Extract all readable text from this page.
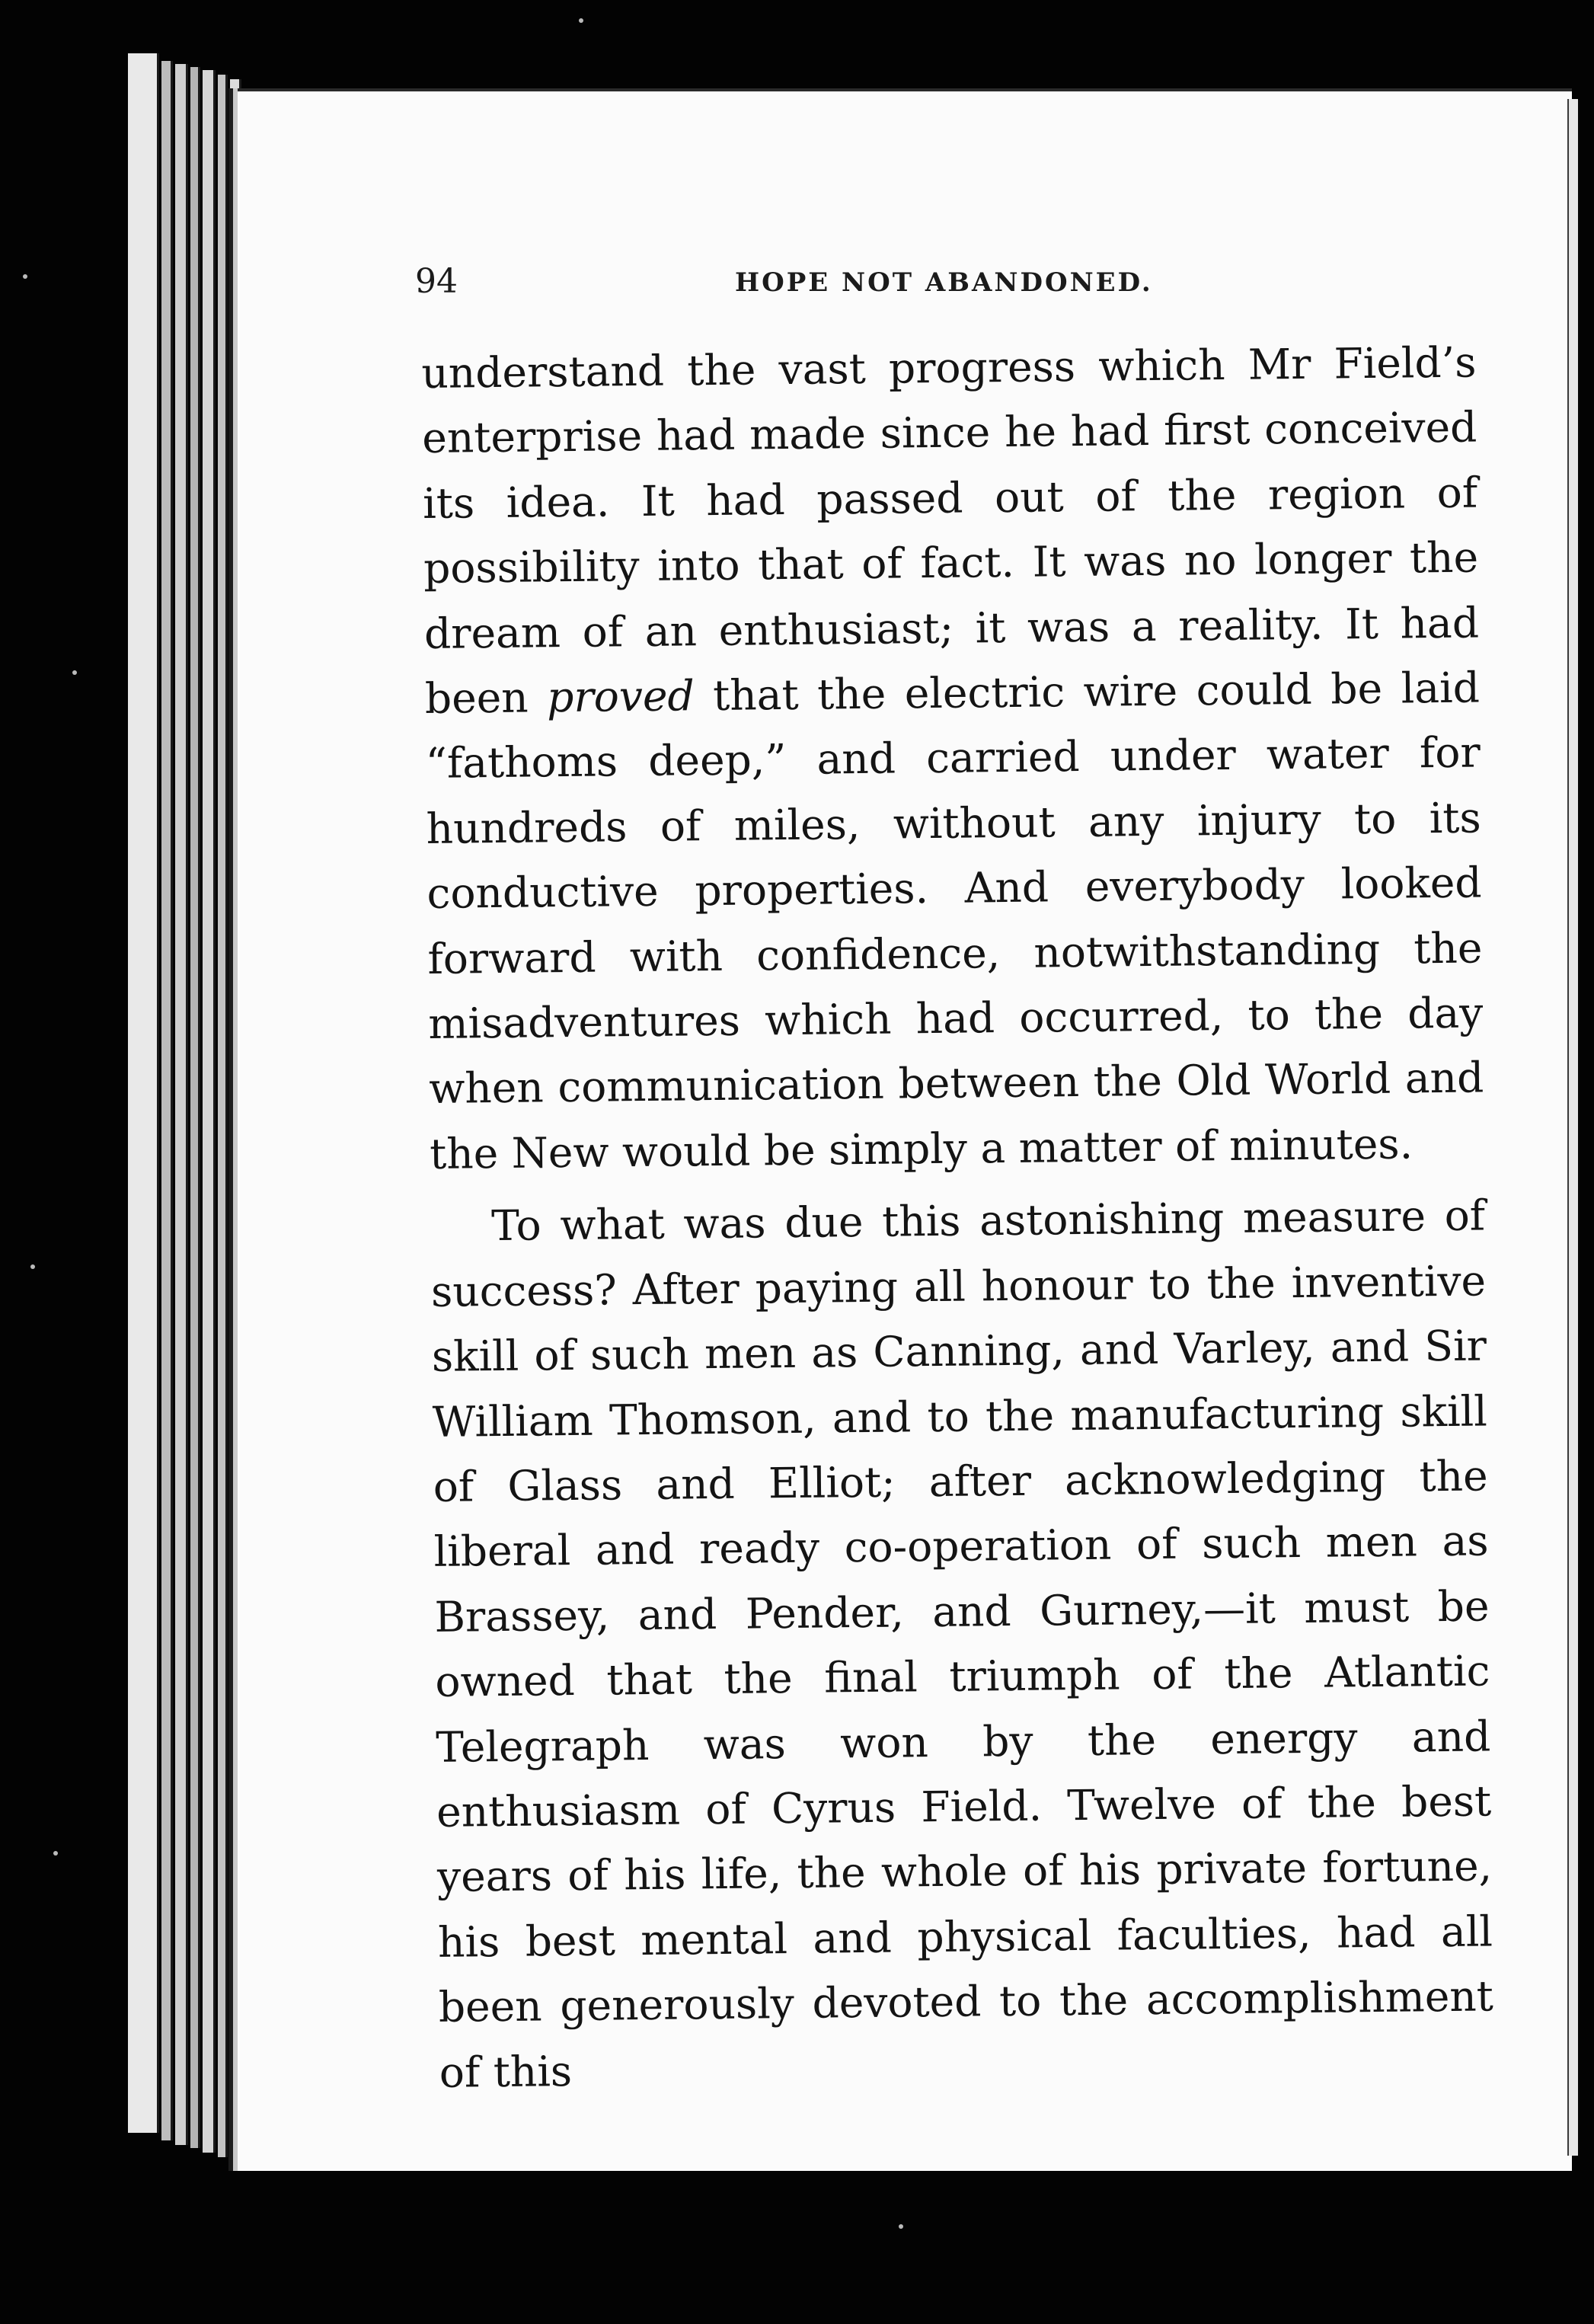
94	HOPE NOT ABANDONED.

understand the vast progress which Mr Field’s enterprise had made since he had first conceived its idea. It had passed out of the region of possibility into that of fact. It was no longer the dream of an enthusiast; it was a reality. It had been proved that the electric wire could be laid “fathoms deep,” and carried under water for hundreds of miles, without any injury to its conductive properties. And everybody looked forward with confidence, notwithstanding the misadventures which had occurred, to the day when communication between the Old World and the New would be simply a matter of minutes.

To what was due this astonishing measure of success? After paying all honour to the inventive skill of such men as Canning, and Varley, and Sir William Thomson, and to the manufacturing skill of Glass and Elliot; after acknowledging the liberal and ready co-operation of such men as Brassey, and Pender, and Gurney,—it must be owned that the final triumph of the Atlantic Telegraph was won by the energy and enthusiasm of Cyrus Field. Twelve of the best years of his life, the whole of his private fortune, his best mental and physical faculties, had all been generously devoted to the accomplishment of this
